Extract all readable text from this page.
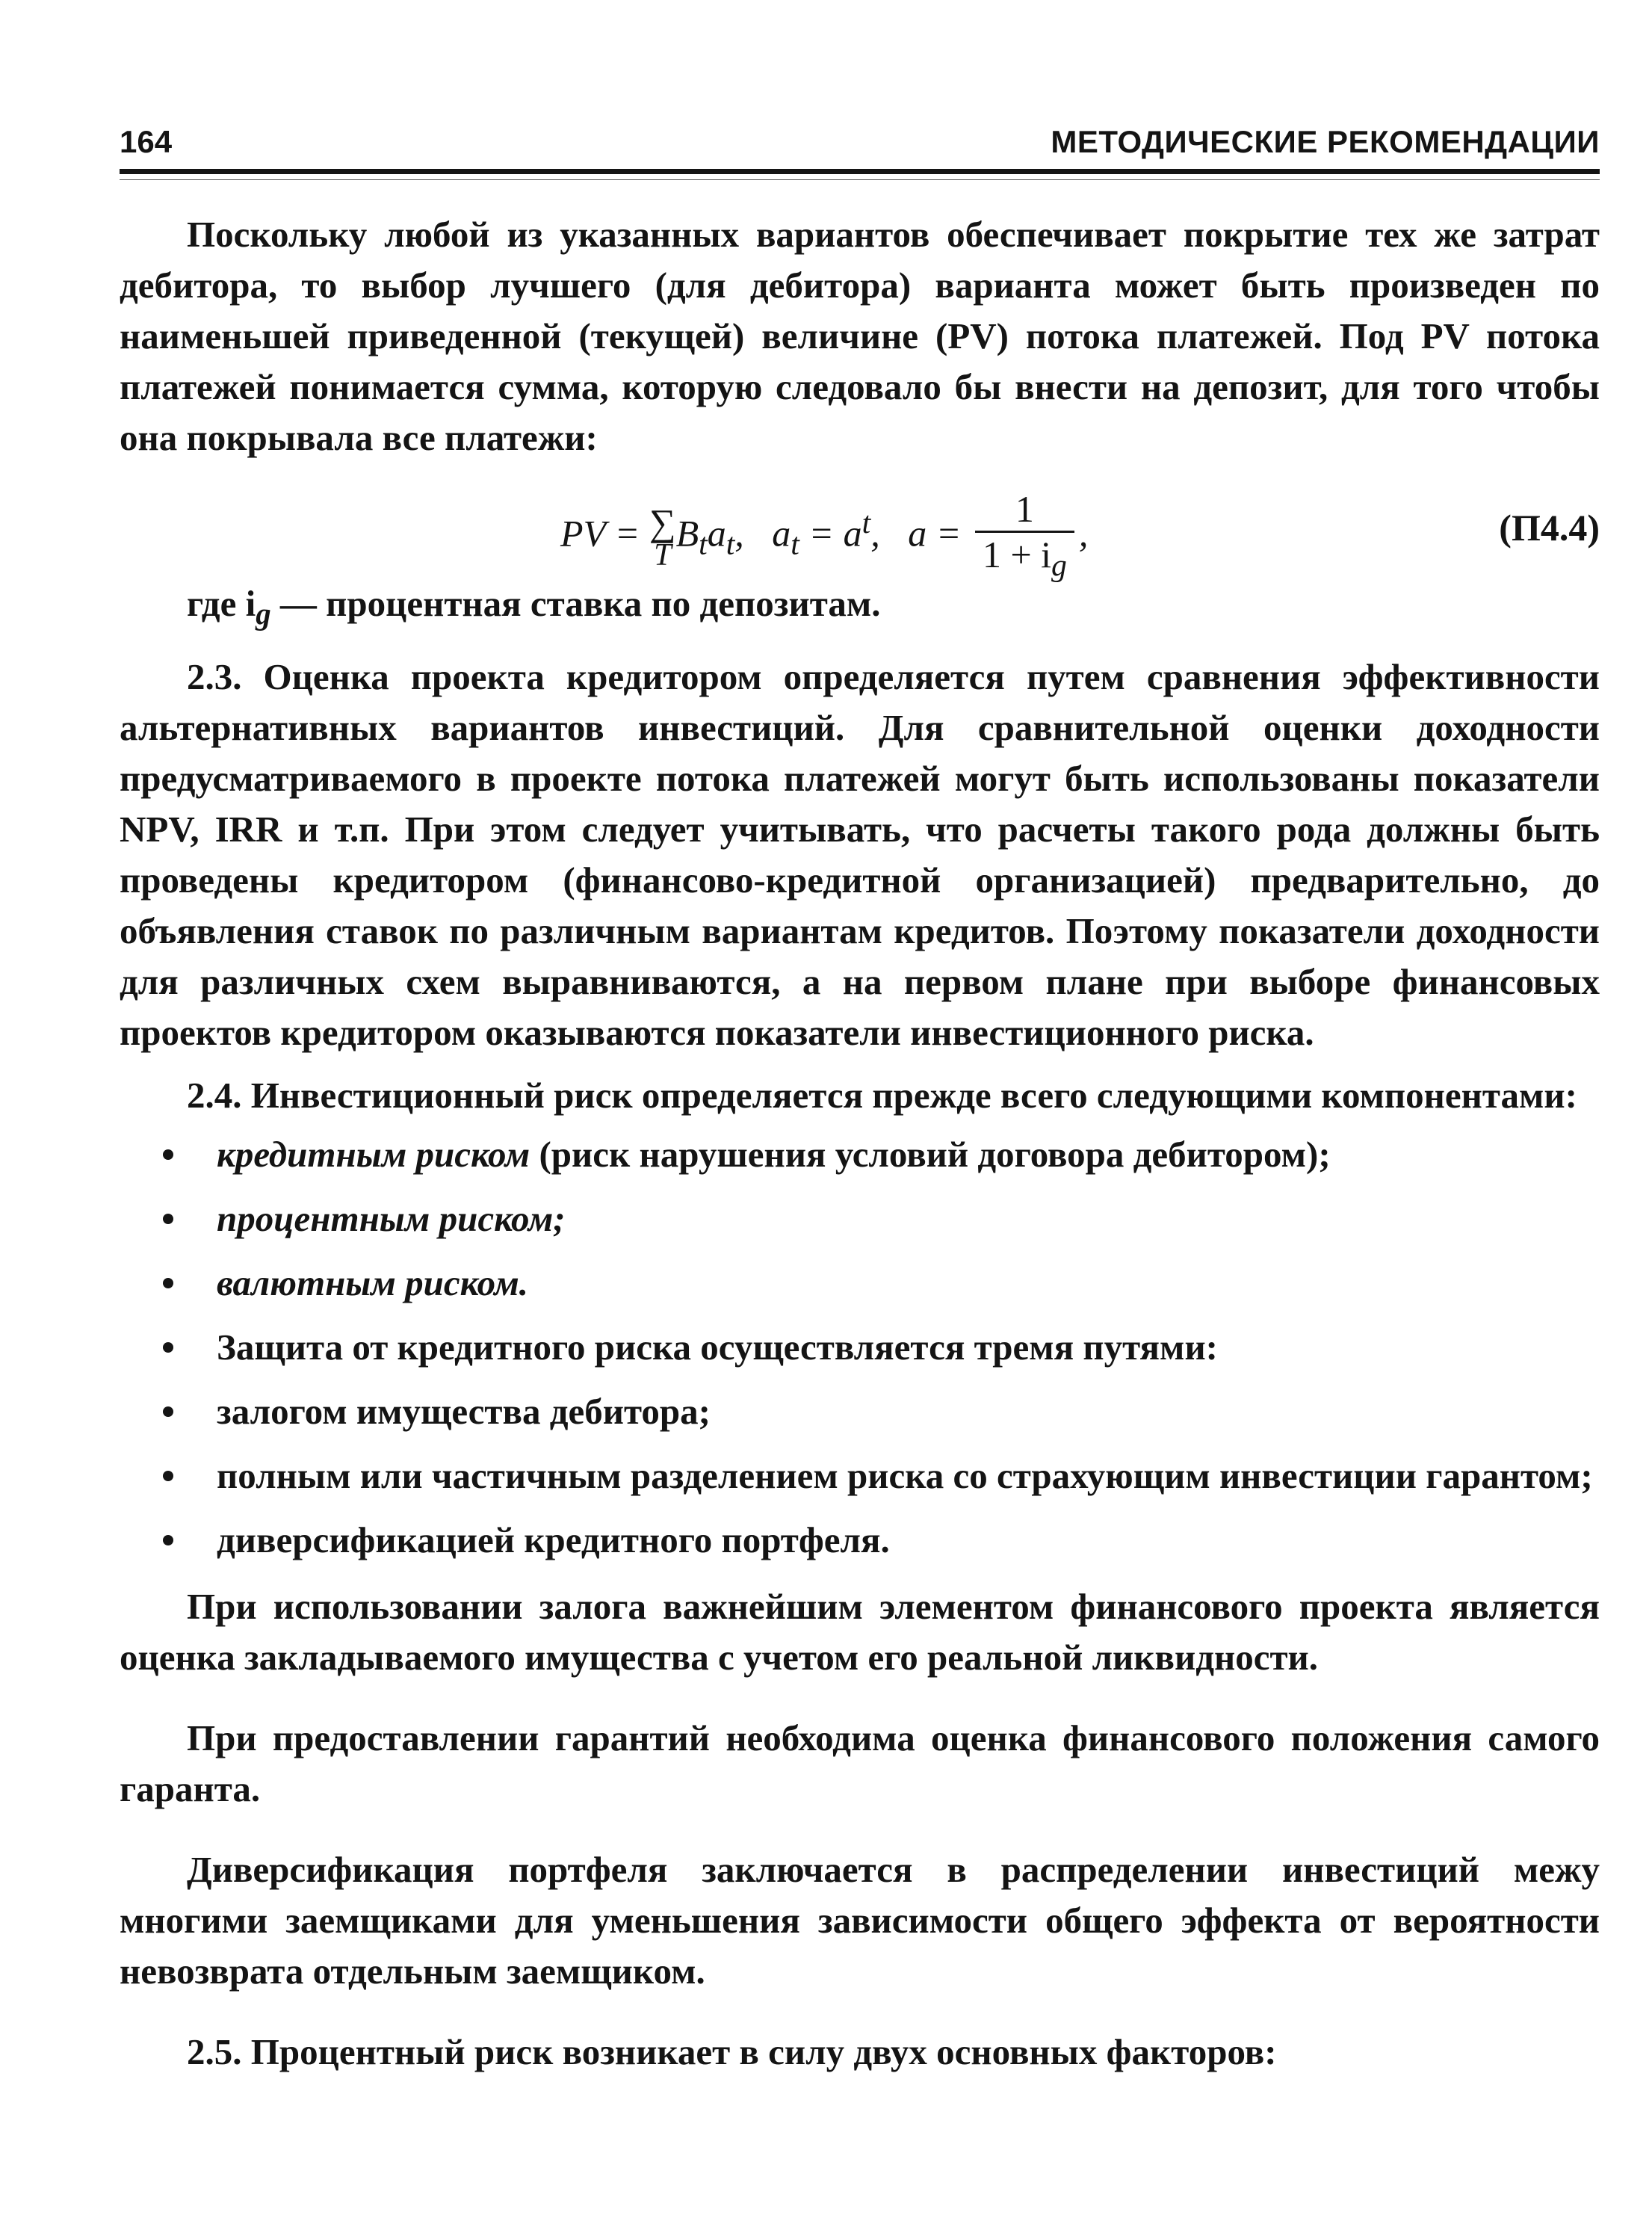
164	МЕТОДИЧЕСКИЕ РЕКОМЕНДАЦИИ

Поскольку любой из указанных вариантов обеспечивает покрытие тех же затрат дебитора, то выбор лучшего (для дебитора) варианта может быть произведен по наименьшей приведенной (текущей) величине (PV) потока платежей. Под PV потока платежей понимается сумма, которую следовало бы внести на депозит, для того чтобы она покрывала все платежи:

PV = ∑
T
$B_ta_t$,   $a_t = a^t$,   $a = \frac{1}{1 + i_g}$ ,	(П4.4)

где $i_g$ — процентная ставка по депозитам.

2.3. Оценка проекта кредитором определяется путем сравнения эффективности альтернативных вариантов инвестиций. Для сравнительной оценки доходности предусматриваемого в проекте потока платежей могут быть использованы показатели NPV, IRR и т.п. При этом следует учитывать, что расчеты такого рода должны быть проведены кредитором (финансово-кредитной организацией) предварительно, до объявления ставок по различным вариантам кредитов. Поэтому показатели доходности для различных схем выравниваются, а на первом плане при выборе финансовых проектов кредитором оказываются показатели инвестиционного риска.

2.4. Инвестиционный риск определяется прежде всего следующими компонентами:

кредитным риском (риск нарушения условий договора дебитором);
процентным риском;
валютным риском.
Защита от кредитного риска осуществляется тремя путями:
залогом имущества дебитора;
полным или частичным разделением риска со страхующим инвестиции гарантом;
диверсификацией кредитного портфеля.

При использовании залога важнейшим элементом финансового проекта является оценка закладываемого имущества с учетом его реальной ликвидности.

При предоставлении гарантий необходима оценка финансового положения самого гаранта.

Диверсификация портфеля заключается в распределении инвестиций межу многими заемщиками для уменьшения зависимости общего эффекта от вероятности невозврата отдельным заемщиком.

2.5. Процентный риск возникает в силу двух основных факторов:
